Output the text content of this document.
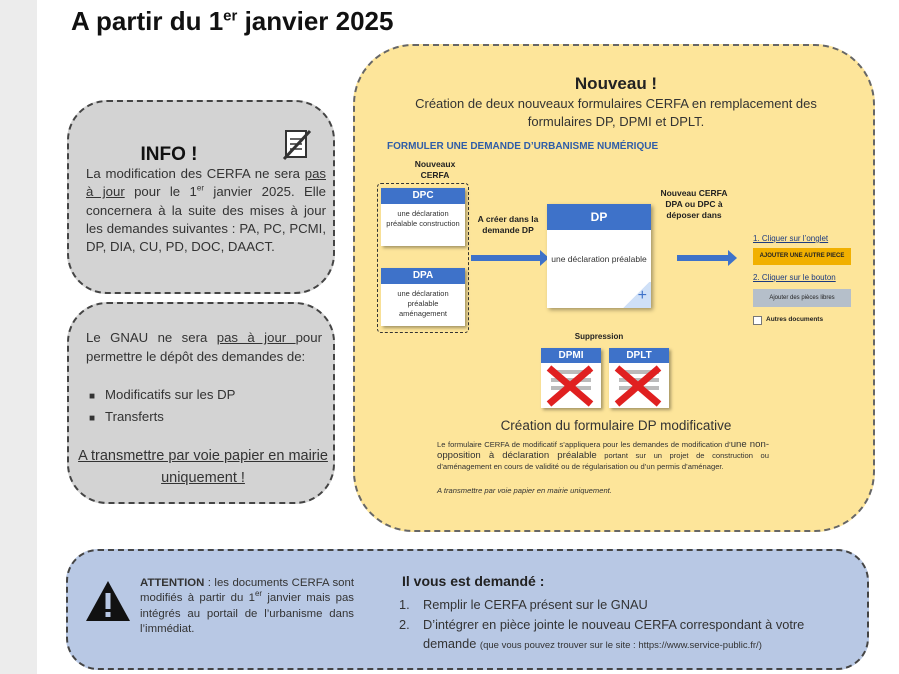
A partir du 1er janvier 2025
INFO !
La modification des CERFA ne sera pas à jour pour le 1er janvier 2025. Elle concernera à la suite des mises à jour les demandes suivantes : PA, PC, PCMI, DP, DIA, CU, PD, DOC, DAACT.
Le GNAU ne sera pas à jour pour permettre le dépôt des demandes de:
■ Modificatifs sur les DP
■ Transferts
A transmettre par voie papier en mairie uniquement !
Nouveau !
Création de deux nouveaux formulaires CERFA en remplacement des formulaires DP, DPMI et DPLT.
FORMULER UNE DEMANDE D’URBANISME NUMÉRIQUE
Nouveaux CERFA
DPC
une déclaration préalable construction
DPA
une déclaration préalable aménagement
A créer dans la demande DP
DP
une déclaration préalable
+
Nouveau CERFA DPA ou DPC à déposer dans
1. Cliquer sur l’onglet
AJOUTER UNE AUTRE PIECE
2. Cliquer sur le bouton
Ajouter des pièces libres
Autres documents
Suppression
DPMI	DPLT
Création du formulaire DP modificative
Le formulaire CERFA de modificatif s’appliquera pour les demandes de modification d’une non-opposition à déclaration préalable portant sur un projet de construction ou d’aménagement en cours de validité ou de régularisation ou d’un permis d’aménager.
A transmettre par voie papier en mairie uniquement.
ATTENTION : les documents CERFA sont modifiés à partir du 1er janvier mais pas intégrés au portail de l’urbanisme dans l’immédiat.
Il vous est demandé :
1. Remplir le CERFA présent sur le GNAU
2. D’intégrer en pièce jointe le nouveau CERFA correspondant à votre demande (que vous pouvez trouver sur le site : https://www.service-public.fr/)
